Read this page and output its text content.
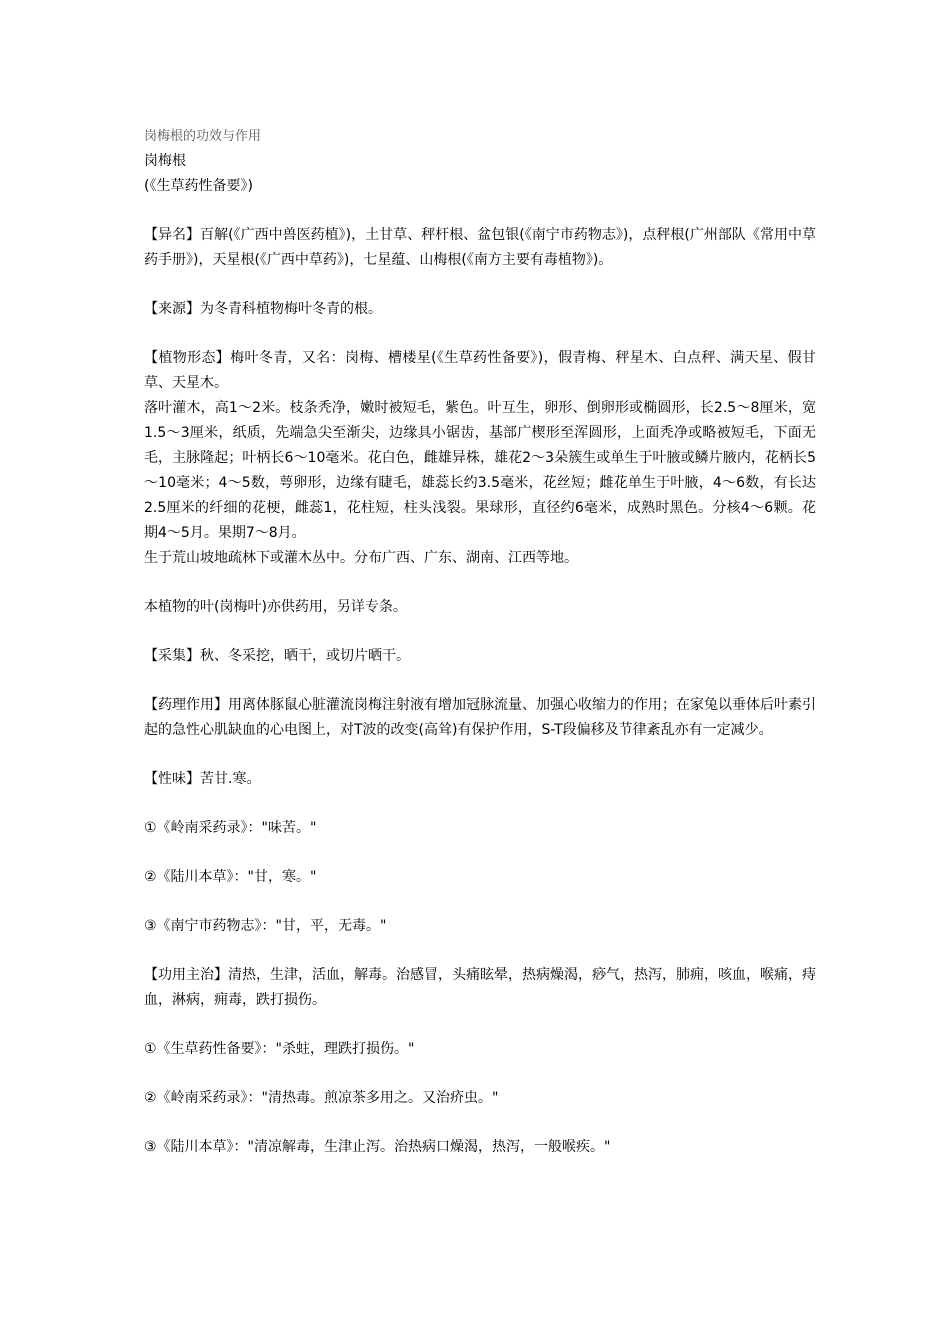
岗梅根的功效与作用
岗梅根
(《生草药性备要》)
【异名】百解(《广西中兽医药植》)，土甘草、秤杆根、盆包银(《南宁市药物志》)，点秤根(广州部队《常用中草药手册》)，天星根(《广西中草药》)，七星蕴、山梅根(《南方主要有毒植物》)。
【来源】为冬青科植物梅叶冬青的根。
【植物形态】梅叶冬青，又名：岗梅、槽楼星(《生草药性备要》)，假青梅、秤星木、白点秤、满天星、假甘草、天星木。
落叶灌木，高1～2米。枝条秃净，嫩时被短毛，紫色。叶互生，卵形、倒卵形或椭圆形，长2.5～8厘米，宽1.5～3厘米，纸质，先端急尖至渐尖，边缘具小锯齿，基部广楔形至浑圆形，上面秃净或略被短毛，下面无毛，主脉隆起；叶柄长6～10毫米。花白色，雌雄异株，雄花2～3朵簇生或单生于叶腋或鳞片腋内，花柄长5～10毫米；4～5数，萼卵形，边缘有睫毛，雄蕊长约3.5毫米，花丝短；雌花单生于叶腋，4～6数，有长达2.5厘米的纤细的花梗，雌蕊1，花柱短，柱头浅裂。果球形，直径约6毫米，成熟时黑色。分核4～6颗。花期4～5月。果期7～8月。
生于荒山坡地疏林下或灌木丛中。分布广西、广东、湖南、江西等地。
本植物的叶(岗梅叶)亦供药用，另详专条。
【采集】秋、冬采挖，晒干，或切片晒干。
【药理作用】用离体豚鼠心脏灌流岗梅注射液有增加冠脉流量、加强心收缩力的作用；在家兔以垂体后叶素引起的急性心肌缺血的心电图上，对T波的改变(高耸)有保护作用，S-T段偏移及节律紊乱亦有一定减少。
【性味】苦甘.寒。
①《岭南采药录》："味苦。"
②《陆川本草》："甘，寒。"
③《南宁市药物志》："甘，平，无毒。"
【功用主治】清热，生津，活血，解毒。治感冒，头痛眩晕，热病燥渴，痧气，热泻，肺痈，咳血，喉痛，痔血，淋病，痈毒，跌打损伤。
①《生草药性备要》："杀蛀，理跌打损伤。"
②《岭南采药录》："清热毒。煎凉茶多用之。又治疥虫。"
③《陆川本草》："清凉解毒，生津止泻。治热病口燥渴，热泻，一般喉疾。"
